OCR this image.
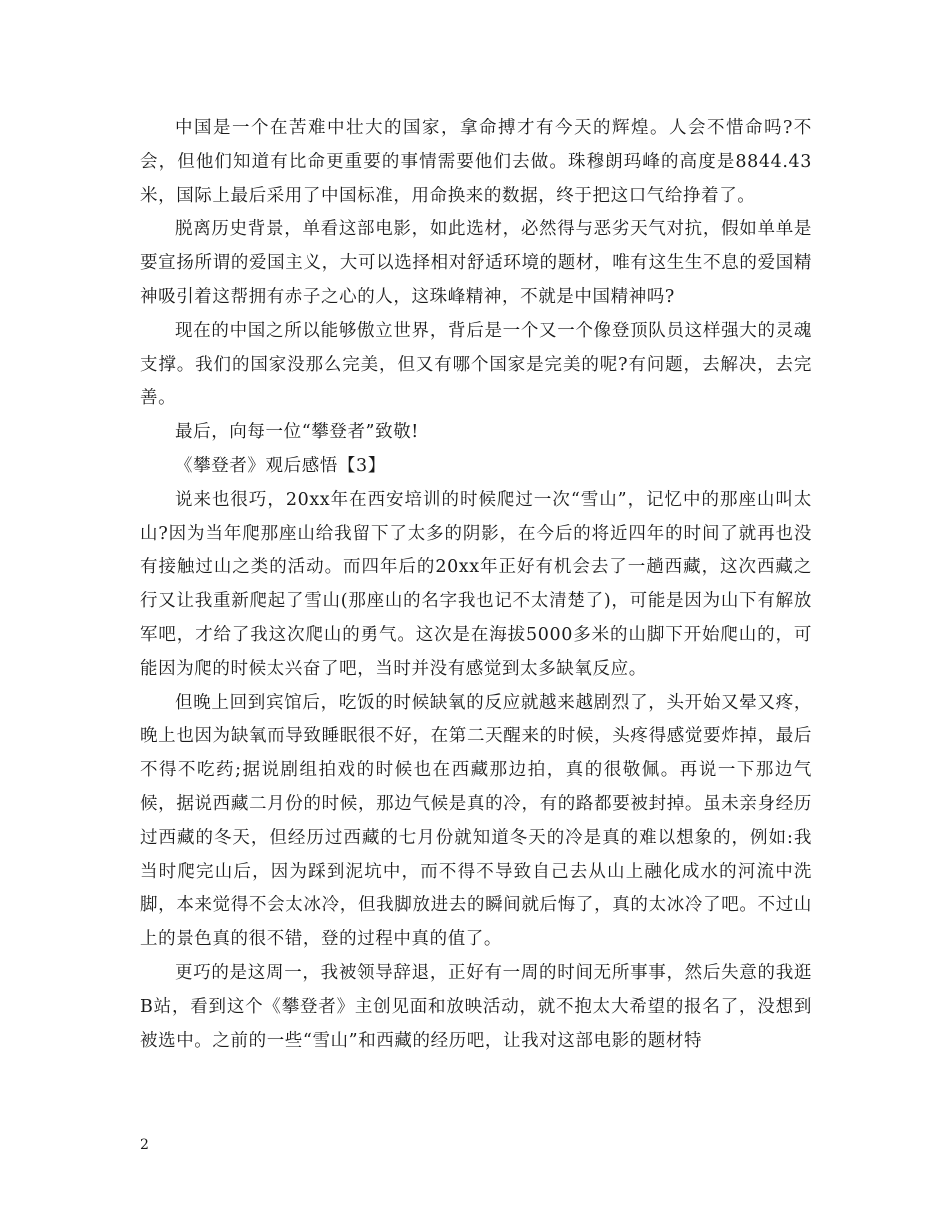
中国是一个在苦难中壮大的国家，拿命搏才有今天的辉煌。人会不惜命吗?不会，但他们知道有比命更重要的事情需要他们去做。珠穆朗玛峰的高度是8844.43米，国际上最后采用了中国标准，用命换来的数据，终于把这口气给挣着了。

脱离历史背景，单看这部电影，如此选材，必然得与恶劣天气对抗，假如单单是要宣扬所谓的爱国主义，大可以选择相对舒适环境的题材，唯有这生生不息的爱国精神吸引着这帮拥有赤子之心的人，这珠峰精神，不就是中国精神吗?

现在的中国之所以能够傲立世界，背后是一个又一个像登顶队员这样强大的灵魂支撑。我们的国家没那么完美，但又有哪个国家是完美的呢?有问题，去解决，去完善。

最后，向每一位“攀登者”致敬!

《攀登者》观后感悟【3】

说来也很巧，20xx年在西安培训的时候爬过一次“雪山”，记忆中的那座山叫太山?因为当年爬那座山给我留下了太多的阴影，在今后的将近四年的时间了就再也没有接触过山之类的活动。而四年后的20xx年正好有机会去了一趟西藏，这次西藏之行又让我重新爬起了雪山(那座山的名字我也记不太清楚了)，可能是因为山下有解放军吧，才给了我这次爬山的勇气。这次是在海拔5000多米的山脚下开始爬山的，可能因为爬的时候太兴奋了吧，当时并没有感觉到太多缺氧反应。

但晚上回到宾馆后，吃饭的时候缺氧的反应就越来越剧烈了，头开始又晕又疼，晚上也因为缺氧而导致睡眠很不好，在第二天醒来的时候，头疼得感觉要炸掉，最后不得不吃药;据说剧组拍戏的时候也在西藏那边拍，真的很敬佩。再说一下那边气候，据说西藏二月份的时候，那边气候是真的冷，有的路都要被封掉。虽未亲身经历过西藏的冬天，但经历过西藏的七月份就知道冬天的冷是真的难以想象的，例如:我当时爬完山后，因为踩到泥坑中，而不得不导致自己去从山上融化成水的河流中洗脚，本来觉得不会太冰冷，但我脚放进去的瞬间就后悔了，真的太冰冷了吧。不过山上的景色真的很不错，登的过程中真的值了。

更巧的是这周一，我被领导辞退，正好有一周的时间无所事事，然后失意的我逛B站，看到这个《攀登者》主创见面和放映活动，就不抱太大希望的报名了，没想到被选中。之前的一些“雪山”和西藏的经历吧，让我对这部电影的题材特

2
